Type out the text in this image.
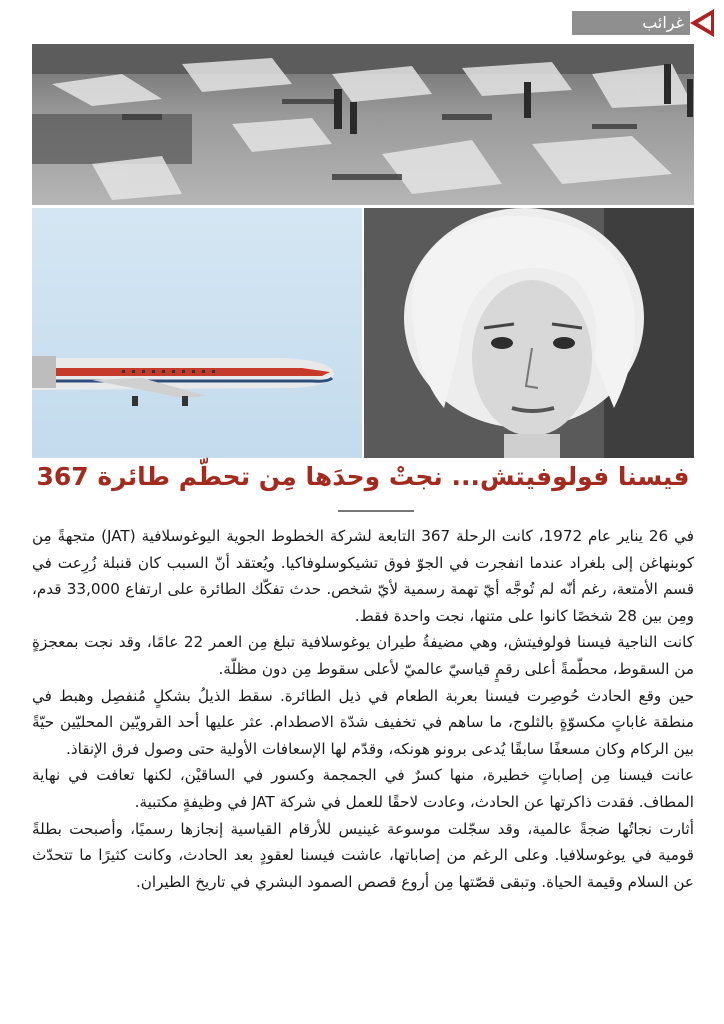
غرائب
فيسنا فولوفيتش... نجتْ وحدَها مِن تحطّم طائرة 367

في 26 يناير عام 1972، كانت الرحلة 367 التابعة لشركة الخطوط الجوية اليوغوسلافية (JAT) متجهةً مِن كوبنهاغن إلى بلغراد عندما انفجرت في الجوّ فوق تشيكوسلوفاكيا. ويُعتقد أنّ السبب كان قنبلة زُرِعت في قسم الأمتعة، رغم أنّه لم تُوجَّه أيّ تهمة رسمية لأيّ شخص. حدث تفكّك الطائرة على ارتفاع 33,000 قدم، ومِن بين 28 شخصًا كانوا على متنها، نجت واحدة فقط.

كانت الناجية فيسنا فولوفيتش، وهي مضيفةُ طيران يوغوسلافية تبلغ مِن العمر 22 عامًا، وقد نجت بمعجزةٍ من السقوط، محطّمةً أعلى رقمٍ قياسيّ عالميّ لأعلى سقوط مِن دون مظلّة.

حين وقع الحادث حُوصِرت فيسنا بعربة الطعام في ذيل الطائرة. سقط الذيلُ بشكلٍ مُنفصِل وهبط في منطقة غاباتٍ مكسوّةٍ بالثلوج، ما ساهم في تخفيف شدّة الاصطدام. عثر عليها أحد القرويّين المحليّين حيّةً بين الركام وكان مسعفًا سابقًا يُدعى برونو هونكه، وقدّم لها الإسعافات الأولية حتى وصول فرق الإنقاذ.

عانت فيسنا مِن إصاباتٍ خطيرة، منها كسرٌ في الجمجمة وكسور في الساقيْن، لكنها تعافت في نهاية المطاف. فقدت ذاكرتها عن الحادث، وعادت لاحقًا للعمل في شركة JAT في وظيفةٍ مكتبية.

أثارت نجاتُها ضجةً عالمية، وقد سجّلت موسوعة غينيس للأرقام القياسية إنجازها رسميًا، وأصبحت بطلةً قومية في يوغوسلافيا. وعلى الرغم من إصاباتها، عاشت فيسنا لعقودٍ بعد الحادث، وكانت كثيرًا ما تتحدّث عن السلام وقيمة الحياة. وتبقى قصّتها مِن أروع قصص الصمود البشري في تاريخ الطيران.
